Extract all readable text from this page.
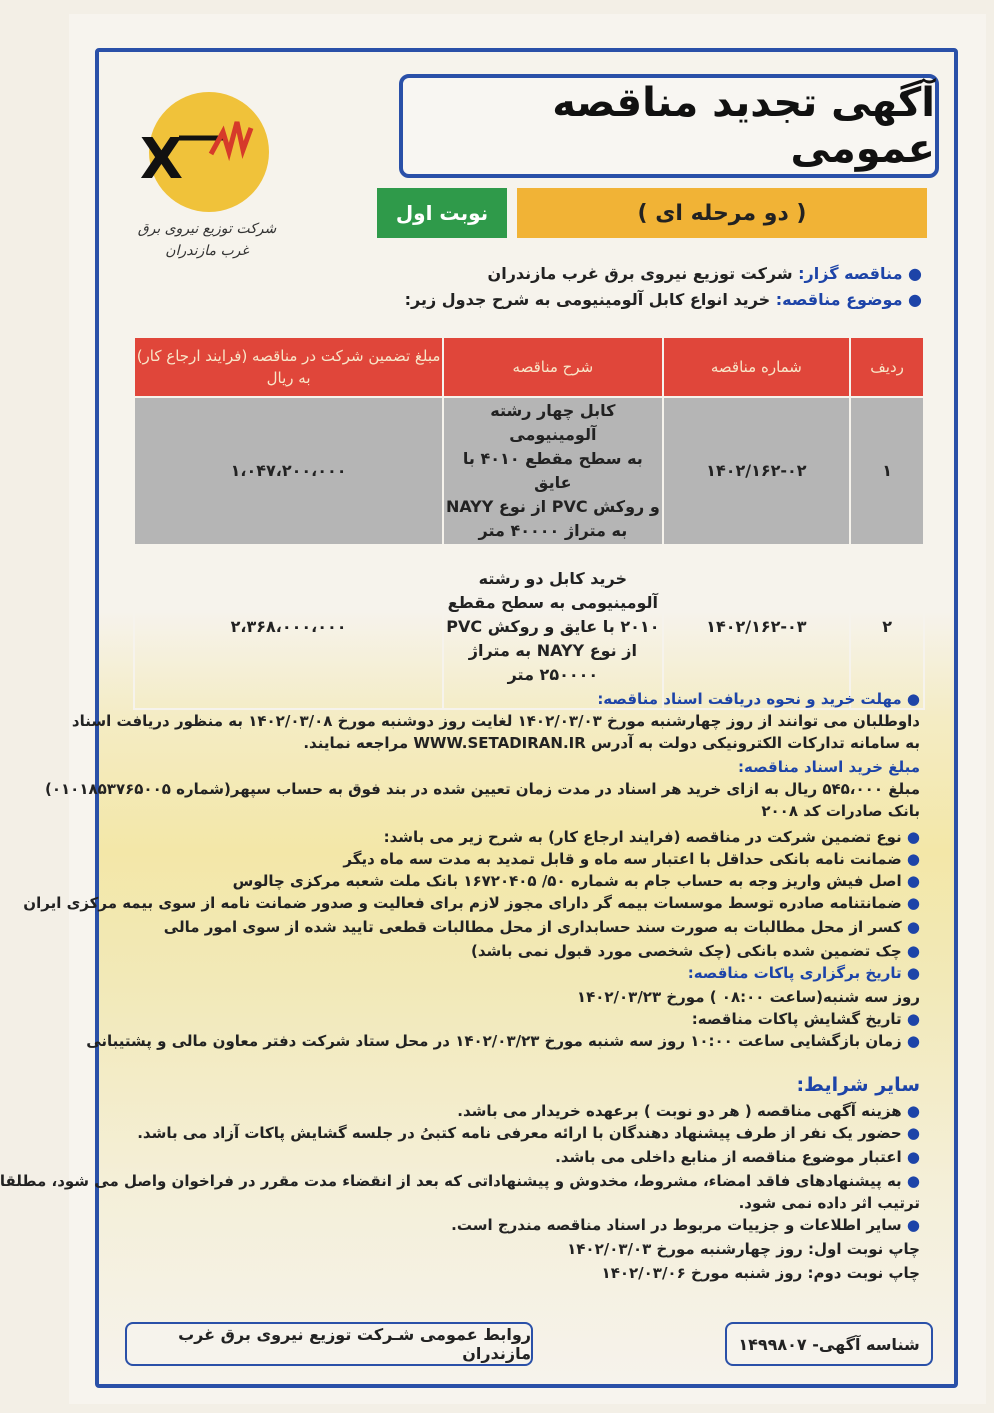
آگهی تجدید مناقصه عمومی
X
شرکت توزیع نیروی برق
غرب مازندران
( دو مرحله ای )
نوبت اول
● مناقصه گزار: شرکت توزیع نیروی برق غرب مازندران
● موضوع مناقصه: خرید انواع کابل آلومینیومی به شرح جدول زیر:
ردیف	شماره مناقصه	شرح مناقصه	مبلغ تضمین شرکت در مناقصه (فرایند ارجاع کار) به ریال
۱	۱۴۰۲/۱۶۲-۰۲	کابل چهار رشته آلومینیومی
به سطح مقطع ۴۰۱۰ با عایق
و روکش PVC از نوع NAYY
به متراژ ۴۰۰۰۰ متر	۱،۰۴۷،۲۰۰،۰۰۰
۲	۱۴۰۲/۱۶۲-۰۳	خرید کابل دو رشته
آلومینیومی به سطح مقطع
۲۰۱۰ با عایق و روکش PVC
از نوع NAYY به متراژ
۲۵۰۰۰۰ متر	۲،۳۶۸،۰۰۰،۰۰۰
● مهلت خرید و نحوه دریافت اسناد مناقصه:
داوطلبان می توانند از روز چهارشنبه مورخ ۱۴۰۲/۰۳/۰۳ لغایت روز دوشنبه مورخ ۱۴۰۲/۰۳/۰۸ به منظور دریافت اسناد
به سامانه تدارکات الکترونیکی دولت به آدرس WWW.SETADIRAN.IR مراجعه نمایند.
مبلغ خرید اسناد مناقصه:
مبلغ ۵۴۵،۰۰۰ ریال به ازای خرید هر اسناد در مدت زمان تعیین شده در بند فوق به حساب سپهر(شماره ۰۱۰۱۸۵۳۷۶۵۰۰۵)
بانک صادرات کد ۲۰۰۸
● نوع تضمین شرکت در مناقصه (فرایند ارجاع کار) به شرح زیر می باشد:
● ضمانت نامه بانکی حداقل با اعتبار سه ماه و قابل تمدید به مدت سه ماه دیگر
● اصل فیش واریز وجه به حساب جام به شماره ۵۰/ ۱۶۷۲۰۴۰۵ بانک ملت شعبه مرکزی چالوس
● ضمانتنامه صادره توسط موسسات بیمه گر دارای مجوز لازم برای فعالیت و صدور ضمانت نامه از سوی بیمه مرکزی ایران
● کسر از محل مطالبات به صورت سند حسابداری از محل مطالبات قطعی تایید شده از سوی امور مالی
● چک تضمین شده بانکی (چک شخصی مورد قبول نمی باشد)
● تاریخ برگزاری پاکات مناقصه:
روز سه شنبه(ساعت ۰۸:۰۰ ) مورخ ۱۴۰۲/۰۳/۲۳
● تاریخ گشایش پاکات مناقصه:
● زمان بازگشایی ساعت ۱۰:۰۰ روز سه شنبه مورخ ۱۴۰۲/۰۳/۲۳ در محل ستاد شرکت دفتر معاون مالی و پشتیبانی
سایر شرایط:
● هزینه آگهی مناقصه ( هر دو نوبت ) برعهده خریدار می باشد.
● حضور یک نفر از طرف پیشنهاد دهندگان با ارائه معرفی نامه کتبیُ در جلسه گشایش پاکات آزاد می باشد.
● اعتبار موضوع مناقصه از منابع داخلی می باشد.
● به پیشنهادهای فاقد امضاء، مشروط، مخدوش و پیشنهاداتی که بعد از انقضاء مدت مقرر در فراخوان واصل می شود، مطلقا
ترتیب اثر داده نمی شود.
● سایر اطلاعات و جزییات مربوط در اسناد مناقصه مندرج است.
چاپ نوبت اول: روز چهارشنبه مورخ ۱۴۰۲/۰۳/۰۳
چاپ نوبت دوم: روز شنبه مورخ ۱۴۰۲/۰۳/۰۶
روابط عمومی شـرکت توزیع نیروی برق غرب مازندران	شناسه آگهی- ۱۴۹۹۸۰۷
